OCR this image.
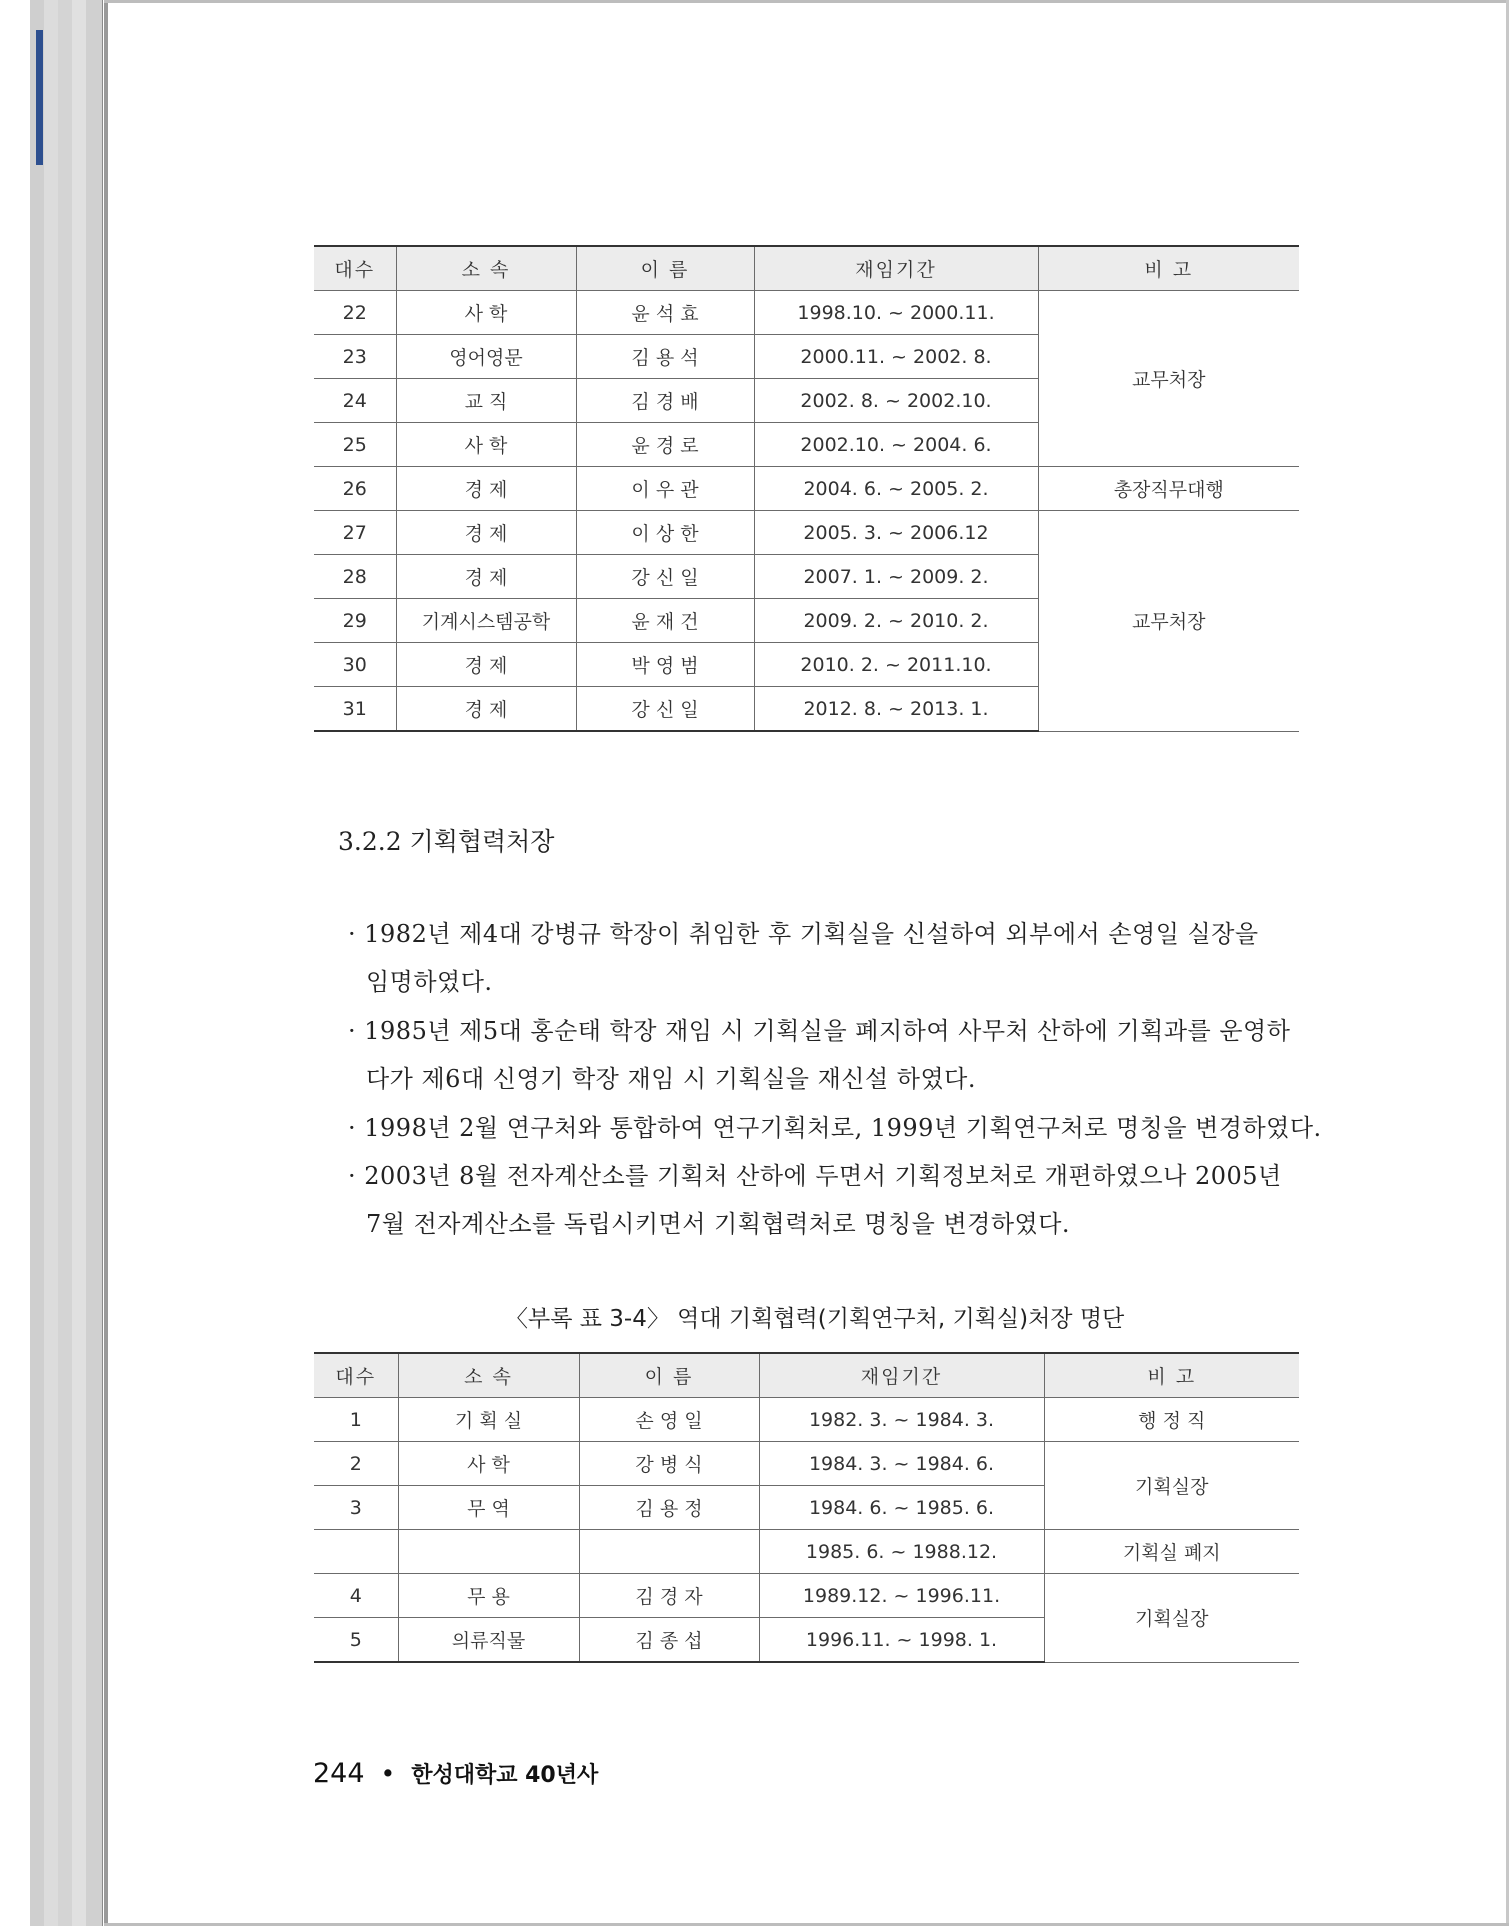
대수	소 속	이 름	재임기간	비 고
22	사 학	윤 석 효	1998.10. ~ 2000.11.	교무처장
23	영어영문	김 용 석	2000.11. ~ 2002. 8.	
24	교 직	김 경 배	2002. 8. ~ 2002.10.	
25	사 학	윤 경 로	2002.10. ~ 2004. 6.	
26	경 제	이 우 관	2004. 6. ~ 2005. 2.	총장직무대행
27	경 제	이 상 한	2005. 3. ~ 2006.12	교무처장
28	경 제	강 신 일	2007. 1. ~ 2009. 2.	
29	기계시스템공학	윤 재 건	2009. 2. ~ 2010. 2.	
30	경 제	박 영 범	2010. 2. ~ 2011.10.	
31	경 제	강 신 일	2012. 8. ~ 2013. 1.	
3.2.2 기획협력처장
· 1982년 제4대 강병규 학장이 취임한 후 기획실을 신설하여 외부에서 손영일 실장을
임명하였다.
· 1985년 제5대 홍순태 학장 재임 시 기획실을 폐지하여 사무처 산하에 기획과를 운영하
다가 제6대 신영기 학장 재임 시 기획실을 재신설 하였다.
· 1998년 2월 연구처와 통합하여 연구기획처로, 1999년 기획연구처로 명칭을 변경하였다.
· 2003년 8월 전자계산소를 기획처 산하에 두면서 기획정보처로 개편하였으나 2005년
7월 전자계산소를 독립시키면서 기획협력처로 명칭을 변경하였다.
〈부록 표 3-4〉 역대 기획협력(기획연구처, 기획실)처장 명단
대수	소 속	이 름	재임기간	비 고
1	기 획 실	손 영 일	1982. 3. ~ 1984. 3.	행 정 직
2	사 학	강 병 식	1984. 3. ~ 1984. 6.	기획실장
3	무 역	김 용 정	1984. 6. ~ 1985. 6.	
			1985. 6. ~ 1988.12.	기획실 폐지
4	무 용	김 경 자	1989.12. ~ 1996.11.	기획실장
5	의류직물	김 종 섭	1996.11. ~ 1998. 1.	
244 • 한성대학교 40년사
